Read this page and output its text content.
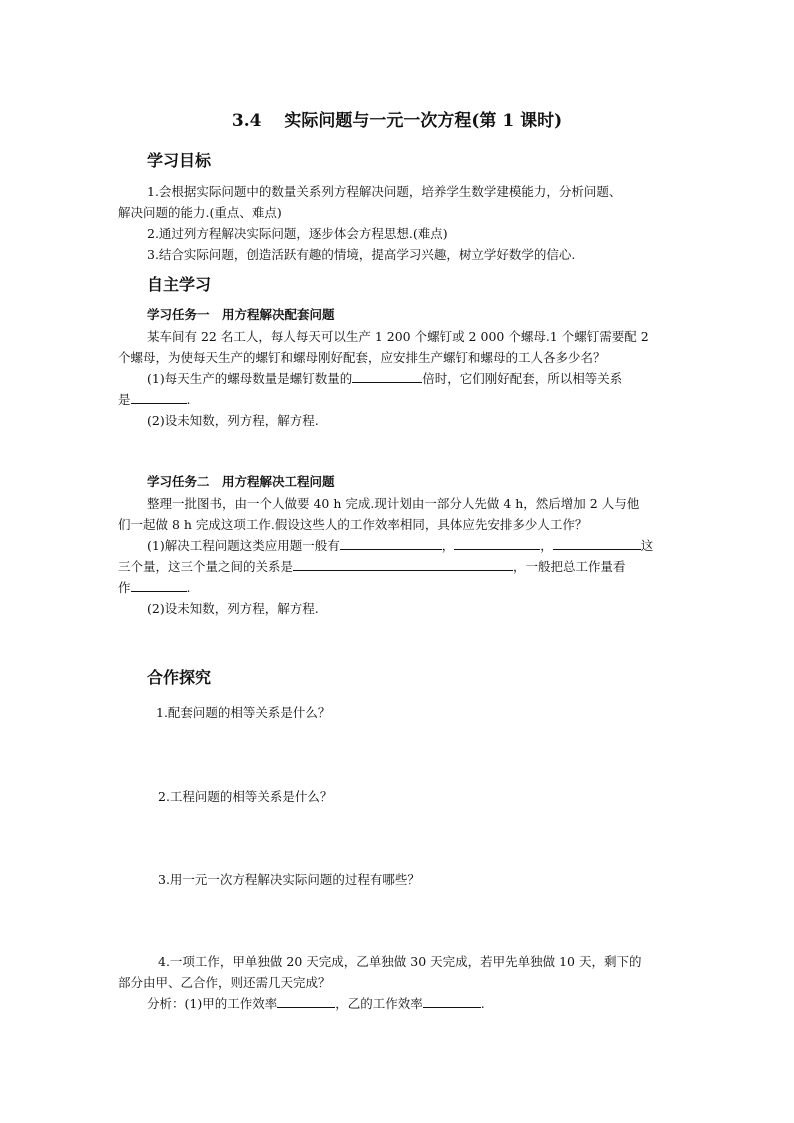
3.4　 实际问题与一元一次方程(第 1 课时)
学习目标
1.会根据实际问题中的数量关系列方程解决问题，培养学生数学建模能力，分析问题、
解决问题的能力.(重点、难点)
2.通过列方程解决实际问题，逐步体会方程思想.(难点)
3.结合实际问题，创造活跃有趣的情境，提高学习兴趣，树立学好数学的信心.
自主学习
学习任务一　用方程解决配套问题
某车间有 22 名工人，每人每天可以生产 1 200 个螺钉或 2 000 个螺母.1 个螺钉需要配 2
个螺母，为使每天生产的螺钉和螺母刚好配套，应安排生产螺钉和螺母的工人各多少名？
(1)每天生产的螺母数量是螺钉数量的	倍时，它们刚好配套，所以相等关系
是	.
(2)设未知数，列方程，解方程.
学习任务二　用方程解决工程问题
整理一批图书，由一个人做要 40 h 完成.现计划由一部分人先做 4 h，然后增加 2 人与他
们一起做 8 h 完成这项工作.假设这些人的工作效率相同，具体应先安排多少人工作？
(1)解决工程问题这类应用题一般有	，	，	这
三个量，这三个量之间的关系是	，一般把总工作量看
作	.
(2)设未知数，列方程，解方程.
合作探究
1.配套问题的相等关系是什么？
2.工程问题的相等关系是什么？
3.用一元一次方程解决实际问题的过程有哪些？
4.一项工作，甲单独做 20 天完成，乙单独做 30 天完成，若甲先单独做 10 天，剩下的
部分由甲、乙合作，则还需几天完成？
分析：(1)甲的工作效率	，乙的工作效率	.
